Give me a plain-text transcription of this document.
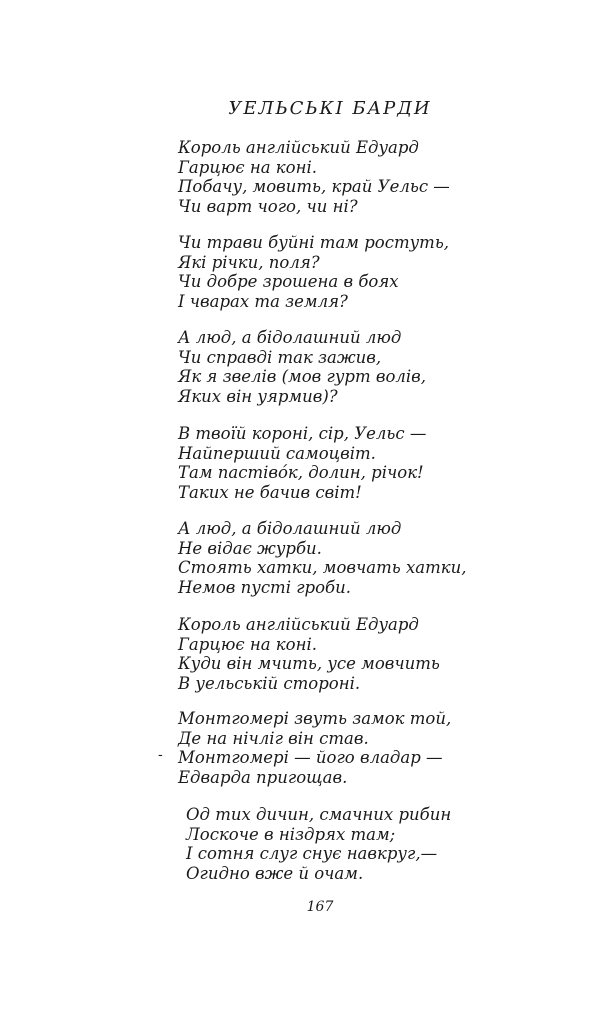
УЕЛЬСЬКІ БАРДИ
Король англійський Едуард
Гарцює на коні.
Побачу, мовить, край Уельс —
Чи варт чого, чи ні?
Чи трави буйні там ростуть,
Які річки, поля?
Чи добре зрошена в боях
І чварах та земля?
А люд, а бідолашний люд
Чи справді так зажив,
Як я звелів (мов гурт волів,
Яких він уярмив)?
В твоїй короні, сір, Уельс —
Найперший самоцвіт.
Там пастівóк, долин, річок!
Таких не бачив світ!
А люд, а бідолашний люд
Не відає журби.
Стоять хатки, мовчать хатки,
Немов пусті гроби.
Король англійський Едуард
Гарцює на коні.
Куди він мчить, усе мовчить
В уельській стороні.
Монтгомері звуть замок той,
Де на нічліг він став.
Монтгомері — його владар —
Едварда пригощав.
-
Од тих дичин, смачних рибин
Лоскоче в ніздрях там;
І сотня слуг снує навкруг,—
Огидно вже й очам.
167
